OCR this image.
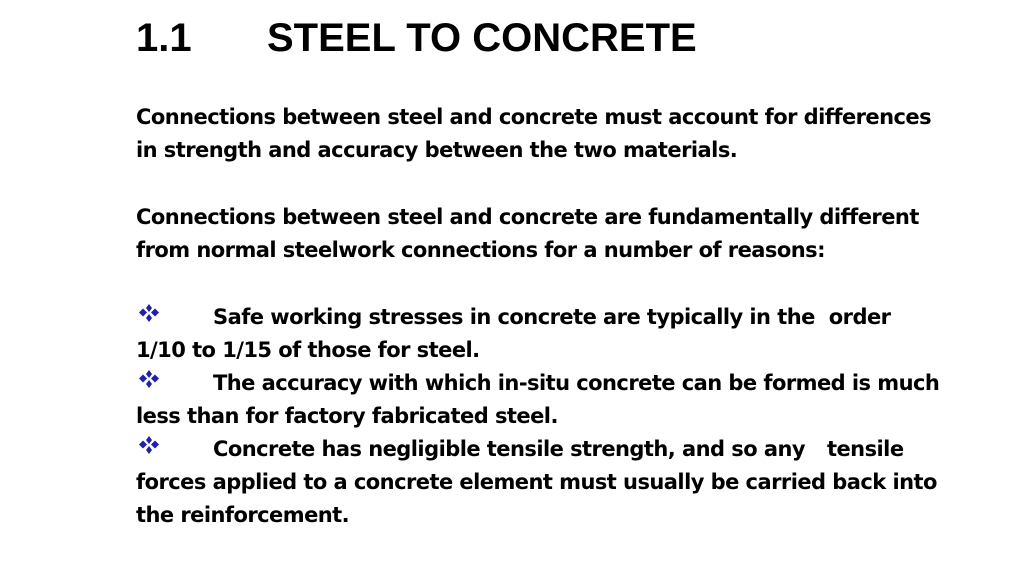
1.1 STEEL TO CONCRETE
Connections between steel and concrete must account for differences
in strength and accuracy between the two materials.
Connections between steel and concrete are fundamentally different
from normal steelwork connections for a number of reasons:
Safe working stresses in concrete are typically in the order
1/10 to 1/15 of those for steel.
The accuracy with which in-situ concrete can be formed is much
less than for factory fabricated steel.
Concrete has negligible tensile strength, and so any tensile
forces applied to a concrete element must usually be carried back into
the reinforcement.
